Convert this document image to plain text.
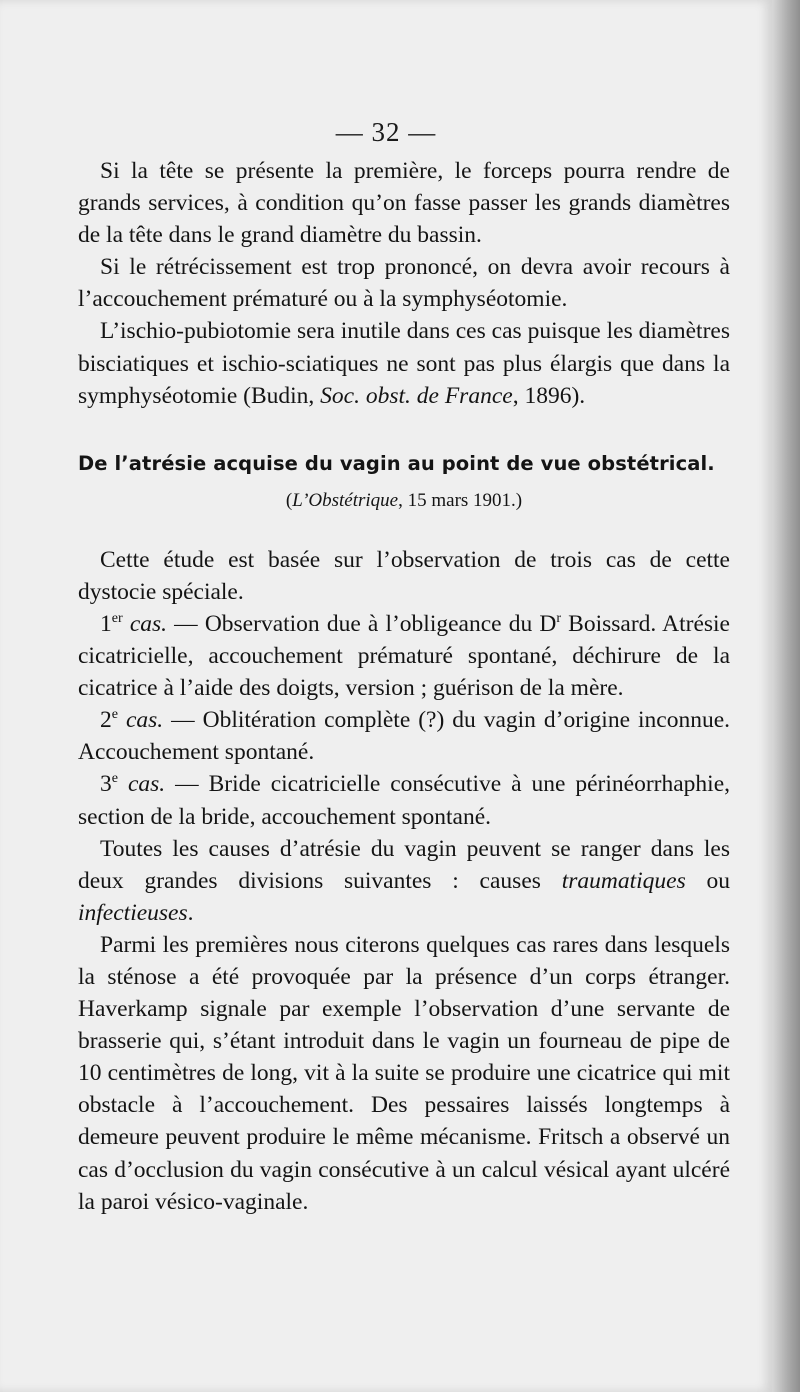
— 32 —

Si la tête se présente la première, le forceps pourra rendre de grands services, à condition qu’on fasse passer les grands diamètres de la tête dans le grand diamètre du bassin.

Si le rétrécissement est trop prononcé, on devra avoir recours à l’accouchement prématuré ou à la symphyséotomie.

L’ischio-pubiotomie sera inutile dans ces cas puisque les diamètres bisciatiques et ischio-sciatiques ne sont pas plus élargis que dans la symphyséotomie (Budin, Soc. obst. de France, 1896).

De l’atrésie acquise du vagin au point de vue obstétrical.

(L’Obstétrique, 15 mars 1901.)

Cette étude est basée sur l’observation de trois cas de cette dystocie spéciale.

1er cas. — Observation due à l’obligeance du $D^r$ Boissard. Atrésie cicatricielle, accouchement prématuré spontané, déchirure de la cicatrice à l’aide des doigts, version ; guérison de la mère.

2e cas. — Oblitération complète (?) du vagin d’origine inconnue. Accouchement spontané.

3e cas. — Bride cicatricielle consécutive à une périnéorrhaphie, section de la bride, accouchement spontané.

Toutes les causes d’atrésie du vagin peuvent se ranger dans les deux grandes divisions suivantes : causes traumatiques ou infectieuses.

Parmi les premières nous citerons quelques cas rares dans lesquels la sténose a été provoquée par la présence d’un corps étranger. Haverkamp signale par exemple l’observation d’une servante de brasserie qui, s’étant introduit dans le vagin un fourneau de pipe de 10 centimètres de long, vit à la suite se produire une cicatrice qui mit obstacle à l’accouchement. Des pessaires laissés longtemps à demeure peuvent produire le même mécanisme. Fritsch a observé un cas d’occlusion du vagin consécutive à un calcul vésical ayant ulcéré la paroi vésico-vaginale.
